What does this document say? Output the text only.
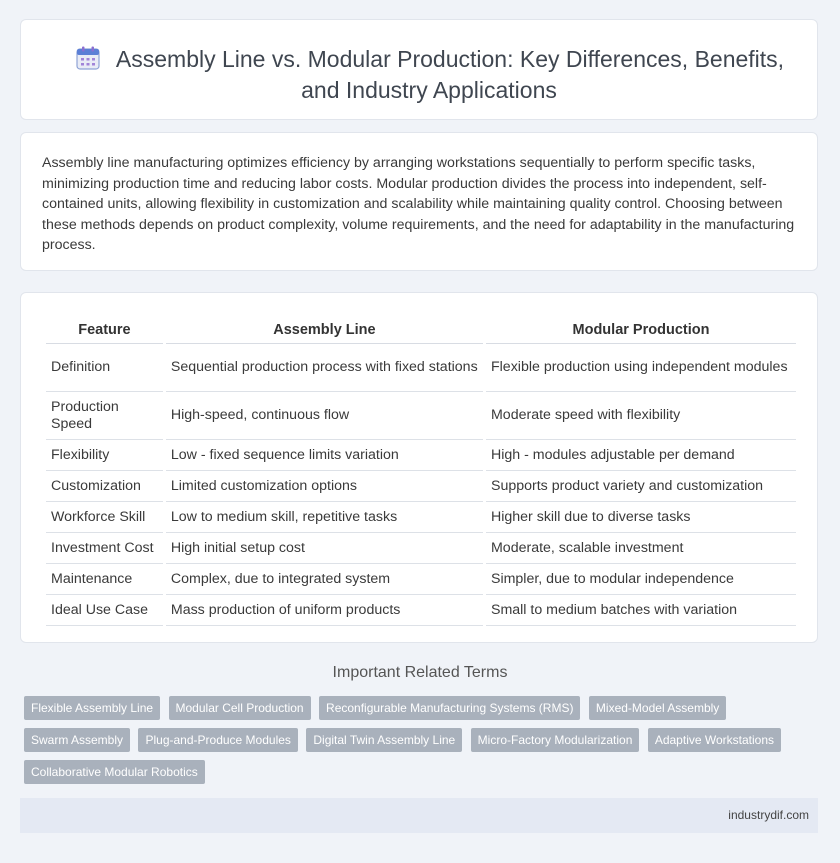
Assembly Line vs. Modular Production: Key Differences, Benefits, and Industry Applications
Assembly line manufacturing optimizes efficiency by arranging workstations sequentially to perform specific tasks, minimizing production time and reducing labor costs. Modular production divides the process into independent, self-contained units, allowing flexibility in customization and scalability while maintaining quality control. Choosing between these methods depends on product complexity, volume requirements, and the need for adaptability in the manufacturing process.
Feature	Assembly Line	Modular Production
Definition	Sequential production process with fixed stations	Flexible production using independent modules
Production Speed	High-speed, continuous flow	Moderate speed with flexibility
Flexibility	Low - fixed sequence limits variation	High - modules adjustable per demand
Customization	Limited customization options	Supports product variety and customization
Workforce Skill	Low to medium skill, repetitive tasks	Higher skill due to diverse tasks
Investment Cost	High initial setup cost	Moderate, scalable investment
Maintenance	Complex, due to integrated system	Simpler, due to modular independence
Ideal Use Case	Mass production of uniform products	Small to medium batches with variation
Important Related Terms
Flexible Assembly Line Modular Cell Production Reconfigurable Manufacturing Systems (RMS) Mixed-Model Assembly Swarm Assembly Plug-and-Produce Modules Digital Twin Assembly Line Micro-Factory Modularization Adaptive Workstations Collaborative Modular Robotics
industrydif.com
